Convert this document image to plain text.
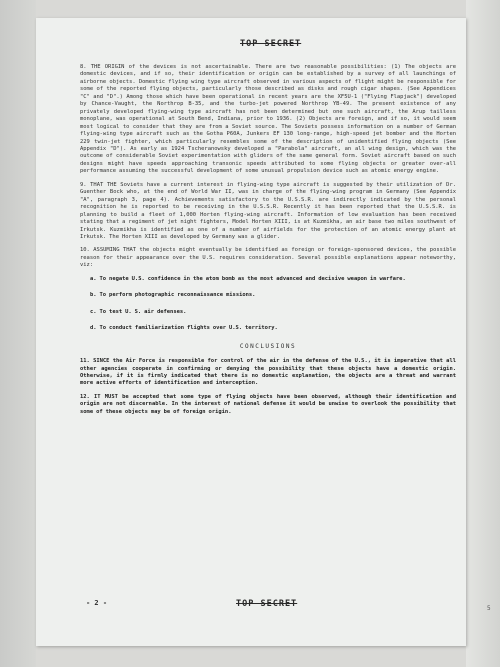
TOP SECRET

8. THE ORIGIN of the devices is not ascertainable. There are two reasonable possibilities: (1) The objects are domestic devices, and if so, their identification or origin can be established by a survey of all launchings of airborne objects. Domestic flying wing type aircraft observed in various aspects of flight might be responsible for some of the reported flying objects, particularly those described as disks and rough cigar shapes. (See Appendices "C" and "D".) Among those which have been operational in recent years are the XF5U-1 ("Flying Flapjack") developed by Chance-Vaught, the Northrop B-35, and the turbo-jet powered Northrop YB-49. The present existence of any privately developed flying-wing type aircraft has not been determined but one such aircraft, the Arup tailless monoplane, was operational at South Bend, Indiana, prior to 1936. (2) Objects are foreign, and if so, it would seem most logical to consider that they are from a Soviet source. The Soviets possess information on a number of German flying-wing type aircraft such as the Gotha P60A, Junkers EF 130 long-range, high-speed jet bomber and the Horten 229 twin-jet fighter, which particularly resembles some of the description of unidentified flying objects (See Appendix "D"). As early as 1924 Tscheranowsky developed a "Parabola" aircraft, an all wing design, which was the outcome of considerable Soviet experimentation with gliders of the same general form. Soviet aircraft based on such designs might have speeds approaching transonic speeds attributed to some flying objects or greater over-all performance assuming the successful development of some unusual propulsion device such as atomic energy engine.

9. THAT THE Soviets have a current interest in flying-wing type aircraft is suggested by their utilization of Dr. Guenther Bock who, at the end of World War II, was in charge of the flying-wing program in Germany (See Appendix "A", paragraph 3, page 4). Achievements satisfactory to the U.S.S.R. are indirectly indicated by the personal recognition he is reported to be receiving in the U.S.S.R. Recently it has been reported that the U.S.S.R. is planning to build a fleet of 1,000 Horten flying-wing aircraft. Information of low evaluation has been received stating that a regiment of jet night fighters, Model Horten XIII, is at Kuzmikha, an air base two miles southwest of Irkutsk. Kuzmikha is identified as one of a number of airfields for the protection of an atomic energy plant at Irkutsk. The Horten XIII as developed by Germany was a glider.

10. ASSUMING THAT the objects might eventually be identified as foreign or foreign-sponsored devices, the possible reason for their appearance over the U.S. requires consideration. Several possible explanations appear noteworthy, viz:

a. To negate U.S. confidence in the atom bomb as the most advanced and decisive weapon in warfare.

b. To perform photographic reconnaissance missions.

c. To test U. S. air defenses.

d. To conduct familiarization flights over U.S. territory.

CONCLUSIONS

11. SINCE the Air Force is responsible for control of the air in the defense of the U.S., it is imperative that all other agencies cooperate in confirming or denying the possibility that these objects have a domestic origin. Otherwise, if it is firmly indicated that there is no domestic explanation, the objects are a threat and warrant more active efforts of identification and interception.

12. IT MUST be accepted that some type of flying objects have been observed, although their identification and origin are not discernable. In the interest of national defense it would be unwise to overlook the possibility that some of these objects may be of foreign origin.

- 2 -	TOP SECRET	5
